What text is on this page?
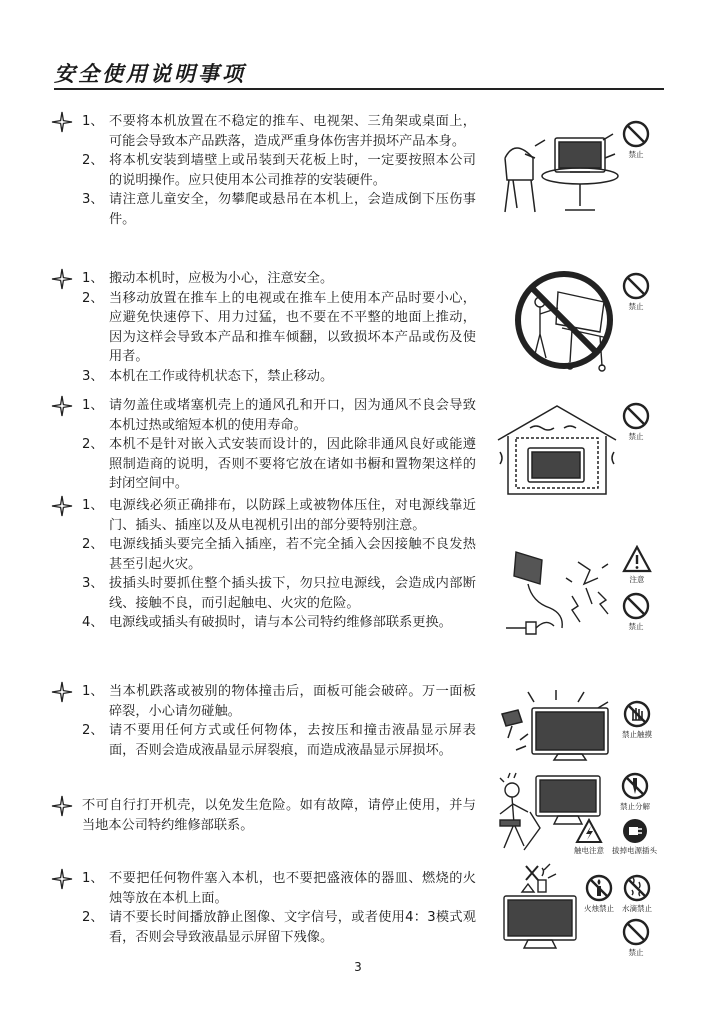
安全使用说明事项
1、 不要将本机放置在不稳定的推车、电视架、三角架或桌面上，可能会导致本产品跌落，造成严重身体伤害并损坏产品本身。
2、 将本机安装到墙壁上或吊装到天花板上时，一定要按照本公司的说明操作。应只使用本公司推荐的安装硬件。
3、 请注意儿童安全，勿攀爬或悬吊在本机上，会造成倒下压伤事件。
1、 搬动本机时，应极为小心，注意安全。
2、 当移动放置在推车上的电视或在推车上使用本产品时要小心，应避免快速停下、用力过猛，也不要在不平整的地面上推动，因为这样会导致本产品和推车倾翻，以致损坏本产品或伤及使用者。
3、 本机在工作或待机状态下，禁止移动。
1、 请勿盖住或堵塞机壳上的通风孔和开口，因为通风不良会导致本机过热或缩短本机的使用寿命。
2、 本机不是针对嵌入式安装而设计的，因此除非通风良好或能遵照制造商的说明，否则不要将它放在诸如书橱和置物架这样的封闭空间中。
1、 电源线必须正确排布，以防踩上或被物体压住，对电源线靠近门、插头、插座以及从电视机引出的部分要特别注意。
2、 电源线插头要完全插入插座，若不完全插入会因接触不良发热甚至引起火灾。
3、 拔插头时要抓住整个插头拔下，勿只拉电源线，会造成内部断线、接触不良，而引起触电、火灾的危险。
4、 电源线或插头有破损时，请与本公司特约维修部联系更换。
1、 当本机跌落或被别的物体撞击后，面板可能会破碎。万一面板碎裂，小心请勿碰触。
2、 请不要用任何方式或任何物体，去按压和撞击液晶显示屏表面，否则会造成液晶显示屏裂痕，而造成液晶显示屏损坏。
不可自行打开机壳，以免发生危险。如有故障，请停止使用，并与当地本公司特约维修部联系。
1、 不要把任何物件塞入本机，也不要把盛液体的器皿、燃烧的火烛等放在本机上面。
2、 请不要长时间播放静止图像、文字信号，或者使用4：3模式观看，否则会导致液晶显示屏留下残像。
禁止
禁止
禁止
注意
禁止
禁止触摸
禁止分解
触电注意 拔掉电源插头
火烛禁止 水滴禁止
禁止
3
